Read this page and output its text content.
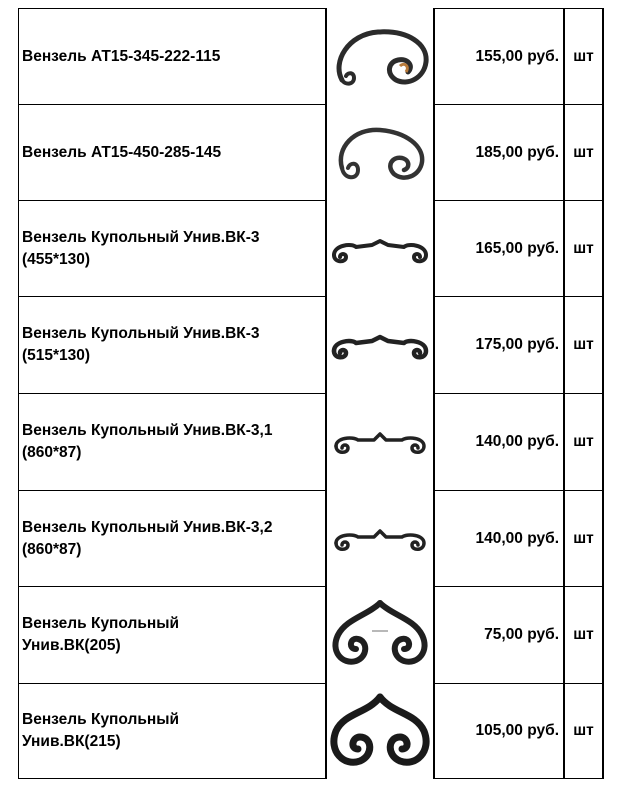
Вензель АТ15-345-222-115	155,00 руб. шт
Вензель АТ15-450-285-145	185,00 руб. шт
Вензель Купольный Унив.ВК-3
(455*130)
165,00 руб. шт
Вензель Купольный Унив.ВК-3
(515*130)
175,00 руб. шт
Вензель Купольный Унив.ВК-3,1
(860*87)
140,00 руб. шт
Вензель Купольный Унив.ВК-3,2
(860*87)
140,00 руб. шт
Вензель Купольный
Унив.ВК(205)
75,00 руб. шт
Вензель Купольный
Унив.ВК(215)
105,00 руб. шт
